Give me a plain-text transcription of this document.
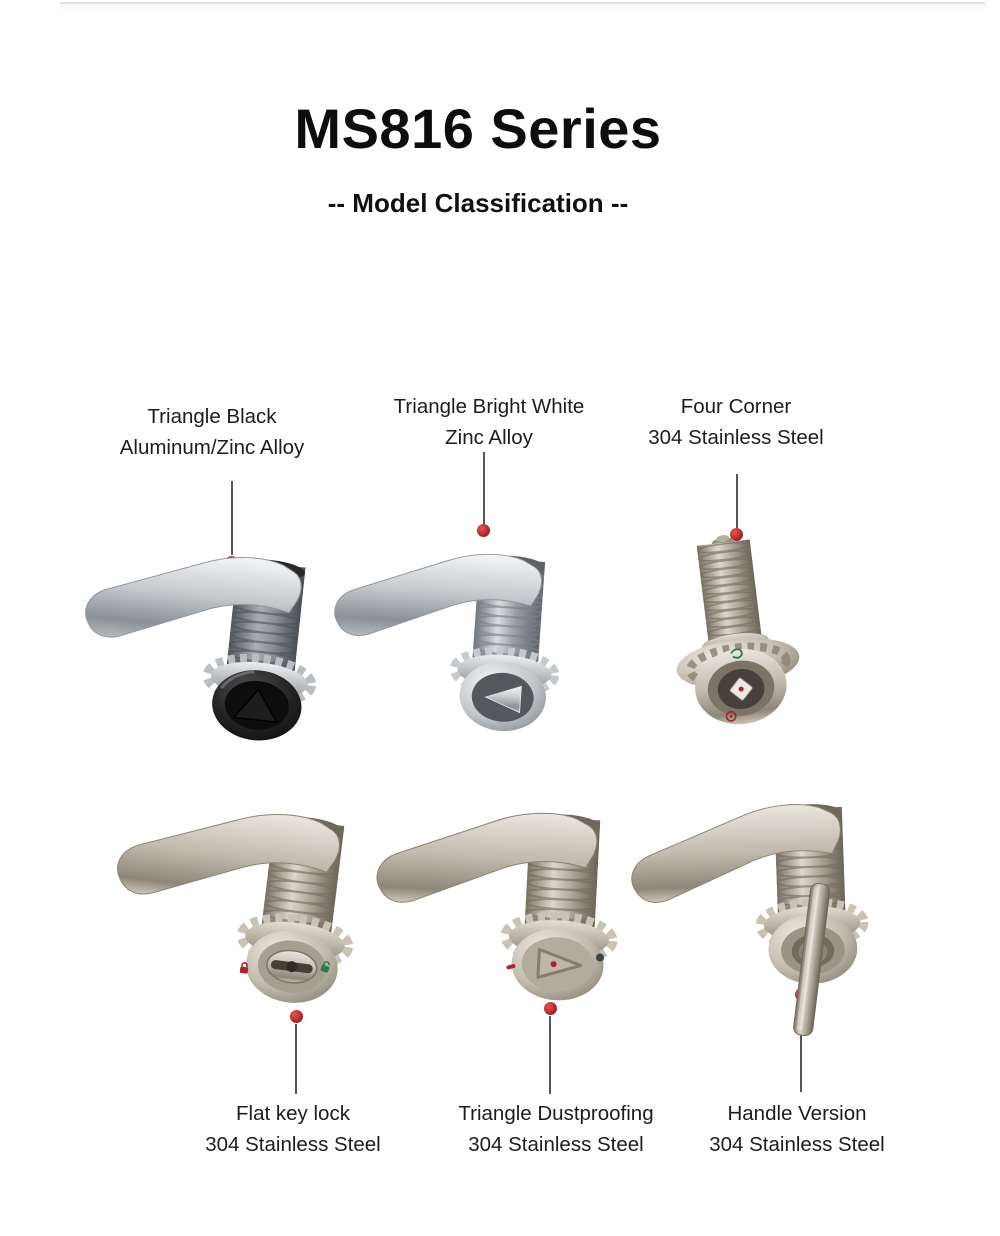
MS816 Series
-- Model Classification --
Triangle Black
Aluminum/Zinc Alloy
Triangle Bright White
Zinc Alloy
Four Corner
304 Stainless Steel
Flat key lock
304 Stainless Steel
Triangle Dustproofing
304 Stainless Steel
Handle Version
304 Stainless Steel
